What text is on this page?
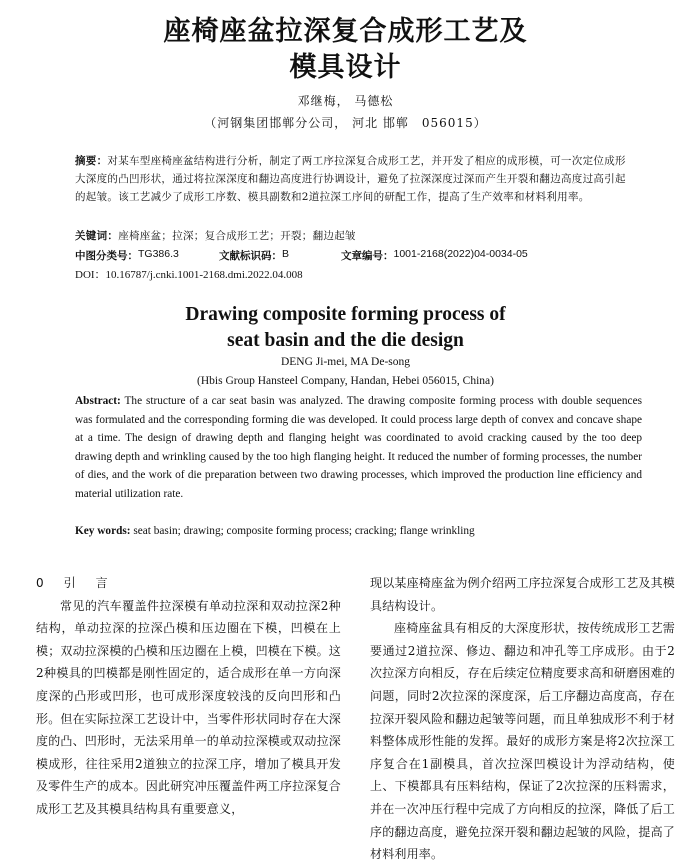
座椅座盆拉深复合成形工艺及
模具设计
邓继梅， 马德松
（河钢集团邯郸分公司， 河北 邯郸　056015）
摘要：对某车型座椅座盆结构进行分析，制定了两工序拉深复合成形工艺，并开发了相应的成形模，可一次定位成形大深度的凸凹形状，通过将拉深深度和翻边高度进行协调设计，避免了拉深深度过深而产生开裂和翻边高度过高引起的起皱。该工艺减少了成形工序数、模具副数和2道拉深工序间的研配工作，提高了生产效率和材料利用率。
关键词：座椅座盆；拉深；复合成形工艺；开裂；翻边起皱
中图分类号： TG386.3	文献标识码： B	文章编号： 1001-2168(2022)04-0034-05
DOI：10.16787/j.cnki.1001-2168.dmi.2022.04.008
Drawing composite forming process of
seat basin and the die design
DENG Ji-mei, MA De-song
(Hbis Group Hansteel Company, Handan, Hebei 056015, China)
Abstract: The structure of a car seat basin was analyzed. The drawing composite forming process with double sequences was formulated and the corresponding forming die was developed. It could process large depth of convex and concave shape at a time. The design of drawing depth and flanging height was coordinated to avoid cracking caused by the too deep drawing depth and wrinkling caused by the too high flanging height. It reduced the number of forming processes, the number of dies, and the work of die preparation between two drawing processes, which improved the production line efficiency and material utilization rate.
Key words: seat basin; drawing; composite forming process; cracking; flange wrinkling
0　引　言

常见的汽车覆盖件拉深模有单动拉深和双动拉深2种结构，单动拉深的拉深凸模和压边圈在下模，凹模在上模；双动拉深模的凸模和压边圈在上模，凹模在下模。这2种模具的凹模都是刚性固定的，适合成形在单一方向深度深的凸形或凹形，也可成形深度较浅的反向凹形和凸形。但在实际拉深工艺设计中，当零件形状同时存在大深度的凸、凹形时，无法采用单一的单动拉深模或双动拉深模成形，往往采用2道独立的拉深工序，增加了模具开发及零件生产的成本。因此研究冲压覆盖件两工序拉深复合成形工艺及其模具结构具有重要意义，

现以某座椅座盆为例介绍两工序拉深复合成形工艺及其模具结构设计。

座椅座盆具有相反的大深度形状，按传统成形工艺需要通过2道拉深、修边、翻边和冲孔等工序成形。由于2次拉深方向相反，存在后续定位精度要求高和研磨困难的问题，同时2次拉深的深度深，后工序翻边高度高，存在拉深开裂风险和翻边起皱等问题，而且单独成形不利于材料整体成形性能的发挥。最好的成形方案是将2次拉深工序复合在1副模具，首次拉深凹模设计为浮动结构，使上、下模都具有压料结构，保证了2次拉深的压料需求，并在一次冲压行程中完成了方向相反的拉深，降低了后工序的翻边高度，避免拉深开裂和翻边起皱的风险，提高了材料利用率。
